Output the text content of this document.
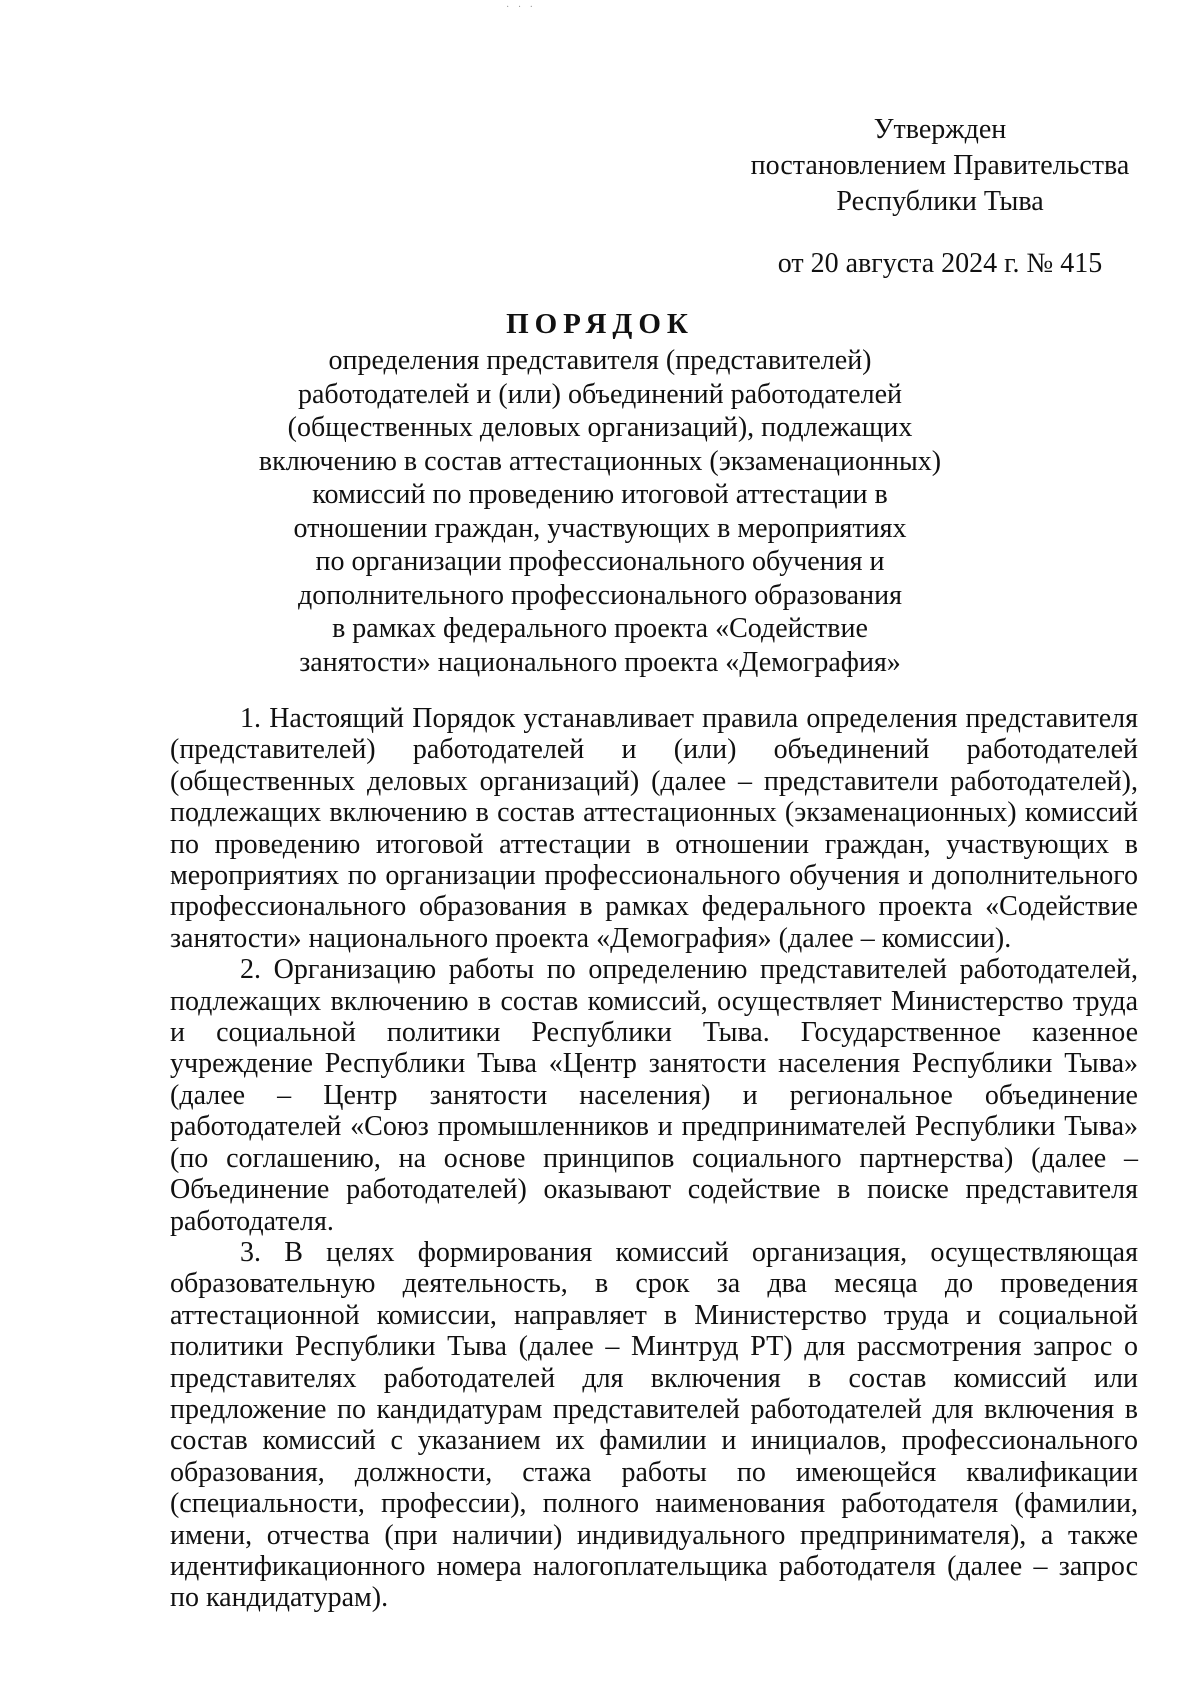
· · ·
Утвержден
постановлением Правительства
Республики Тыва
от 20 августа 2024 г. № 415
ПОРЯДОК
определения представителя (представителей)
работодателей и (или) объединений работодателей
(общественных деловых организаций), подлежащих
включению в состав аттестационных (экзаменационных)
комиссий по проведению итоговой аттестации в
отношении граждан, участвующих в мероприятиях
по организации профессионального обучения и
дополнительного профессионального образования
в рамках федерального проекта «Содействие
занятости» национального проекта «Демография»

1. Настоящий Порядок устанавливает правила определения представителя (представителей) работодателей и (или) объединений работодателей (общественных деловых организаций) (далее – представители работодателей), подлежащих включению в состав аттестационных (экзаменационных) комиссий по проведению итоговой аттестации в отношении граждан, участвующих в мероприятиях по организации профессионального обучения и дополнительного профессионального образования в рамках федерального проекта «Содействие занятости» национального проекта «Демография» (далее – комиссии).

2. Организацию работы по определению представителей работодателей, подлежащих включению в состав комиссий, осуществляет Министерство труда и социальной политики Республики Тыва. Государственное казенное учреждение Республики Тыва «Центр занятости населения Республики Тыва» (далее – Центр занятости населения) и региональное объединение работодателей «Союз промышленников и предпринимателей Республики Тыва» (по соглашению, на основе принципов социального партнерства) (далее – Объединение работодателей) оказывают содействие в поиске представителя работодателя.

3. В целях формирования комиссий организация, осуществляющая образовательную деятельность, в срок за два месяца до проведения аттестационной комиссии, направляет в Министерство труда и социальной политики Республики Тыва (далее – Минтруд РТ) для рассмотрения запрос о представителях работодателей для включения в состав комиссий или предложение по кандидатурам представителей работодателей для включения в состав комиссий с указанием их фамилии и инициалов, профессионального образования, должности, стажа работы по имеющейся квалификации (специальности, профессии), полного наименования работодателя (фамилии, имени, отчества (при наличии) индивидуального предпринимателя), а также идентификационного номера налогоплательщика работодателя (далее – запрос по кандидатурам).
